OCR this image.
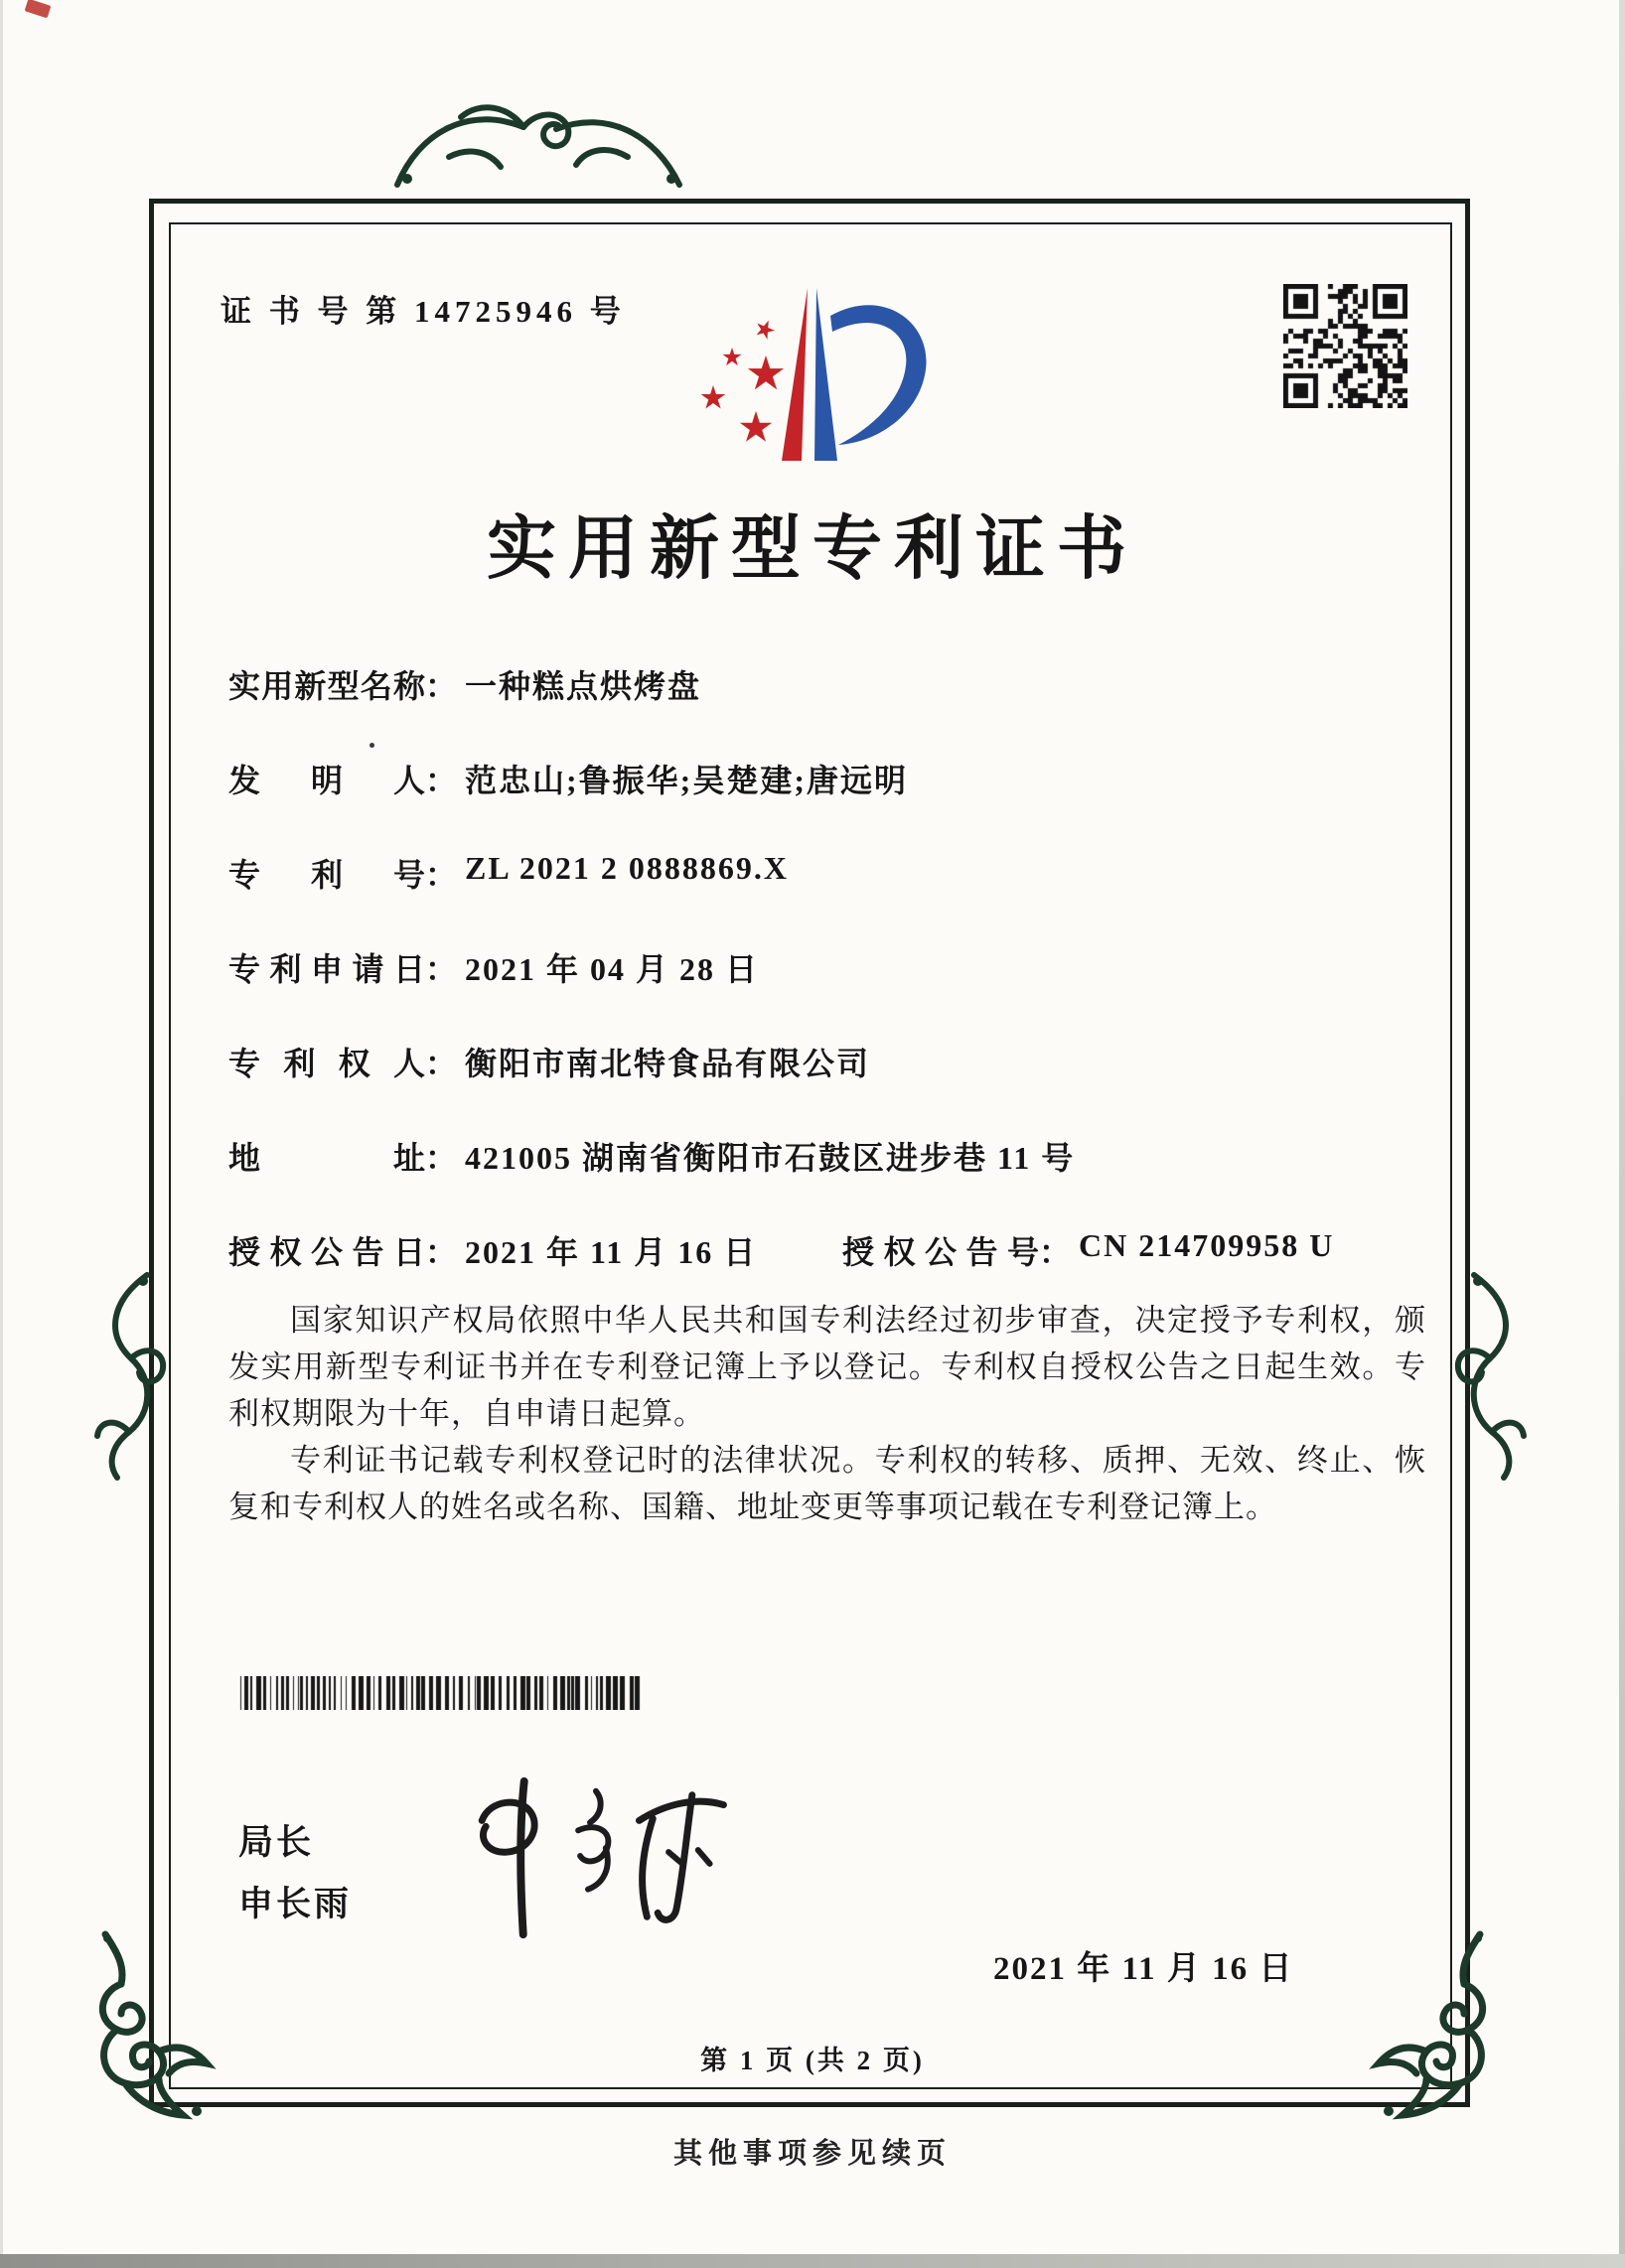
证 书 号 第 14725946 号
实用新型专利证书
实用新型名称 ： 一种糕点烘烤盘
发明人 ： 范忠山;鲁振华;吴楚建;唐远明
专利号 ： ZL 2021 2 0888869.X
专利申请日 ： 2021 年 04 月 28 日
专利权人 ： 衡阳市南北特食品有限公司
地址 ： 421005 湖南省衡阳市石鼓区进步巷 11 号
授权公告日 ： 2021 年 11 月 16 日	授权公告号 ： CN 214709958 U

国家知识产权局依照中华人民共和国专利法经过初步审查，决定授予专利权，颁发实用新型专利证书并在专利登记簿上予以登记。专利权自授权公告之日起生效。专利权期限为十年，自申请日起算。

专利证书记载专利权登记时的法律状况。专利权的转移、质押、无效、终止、恢复和专利权人的姓名或名称、国籍、地址变更等事项记载在专利登记簿上。

局长
申长雨
2021 年 11 月 16 日
第 1 页 (共 2 页)
其他事项参见续页
